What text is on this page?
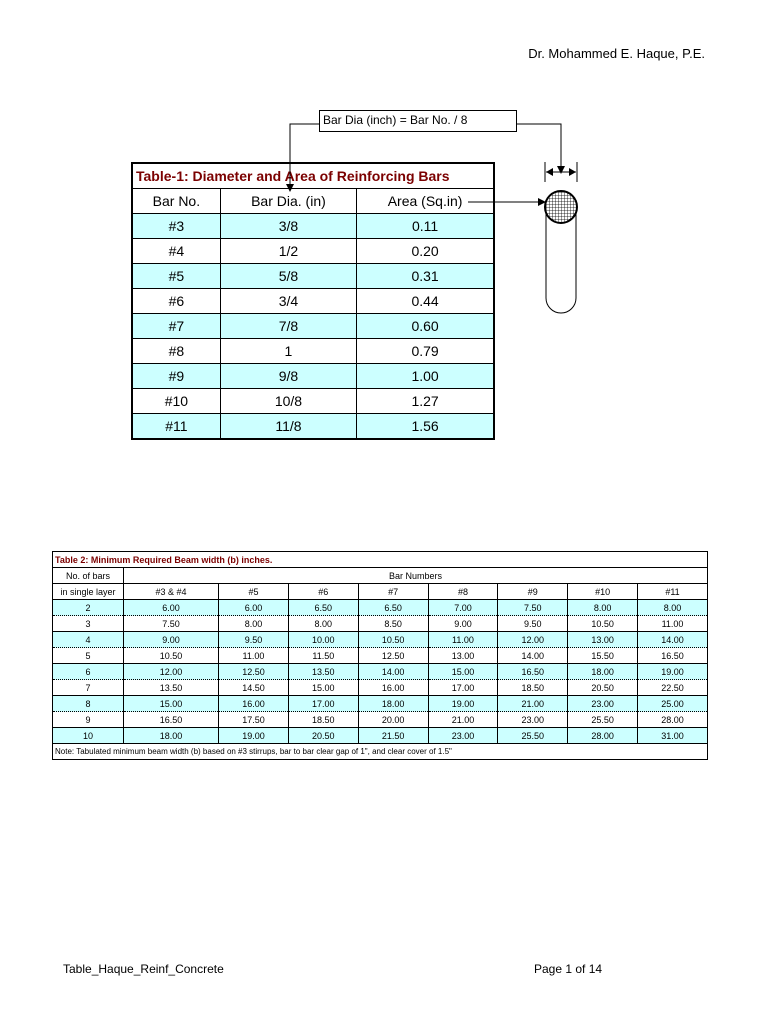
Dr. Mohammed E. Haque, P.E.
Bar Dia (inch) = Bar No. / 8
Table-1: Diameter and Area of Reinforcing Bars		
Bar No.	Bar Dia. (in)	Area (Sq.in)
#3	3/8	0.11
#4	1/2	0.20
#5	5/8	0.31
#6	3/4	0.44
#7	7/8	0.60
#8	1	0.79
#9	9/8	1.00
#10	10/8	1.27
#11	11/8	1.56
Table 2: Minimum Required Beam width (b) inches.								
No. of bars	Bar Numbers							
in single layer	#3 & #4	#5	#6	#7	#8	#9	#10	#11
2	6.00	6.00	6.50	6.50	7.00	7.50	8.00	8.00
3	7.50	8.00	8.00	8.50	9.00	9.50	10.50	11.00
4	9.00	9.50	10.00	10.50	11.00	12.00	13.00	14.00
5	10.50	11.00	11.50	12.50	13.00	14.00	15.50	16.50
6	12.00	12.50	13.50	14.00	15.00	16.50	18.00	19.00
7	13.50	14.50	15.00	16.00	17.00	18.50	20.50	22.50
8	15.00	16.00	17.00	18.00	19.00	21.00	23.00	25.00
9	16.50	17.50	18.50	20.00	21.00	23.00	25.50	28.00
10	18.00	19.00	20.50	21.50	23.00	25.50	28.00	31.00
Note: Tabulated minimum beam width (b) based on #3 stirrups, bar to bar clear gap of 1", and clear cover of 1.5"								
Table_Haque_Reinf_Concrete	Page 1 of 14
